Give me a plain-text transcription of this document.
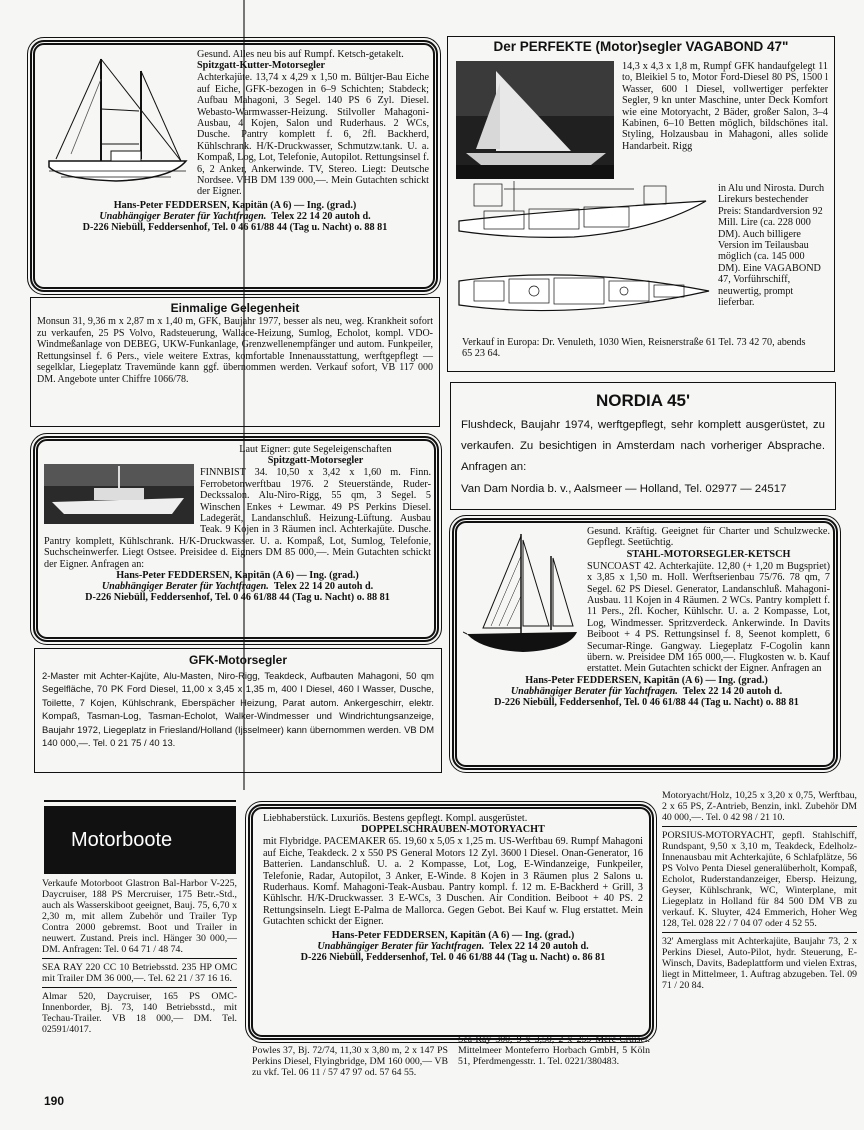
Gesund. Alles neu bis auf Rumpf. Ketsch-getakelt.
Spitzgatt-Kutter-Motorsegler
Achterkajüte. 13,74 x 4,29 x 1,50 m. Bültjer-Bau Eiche auf Eiche, GFK-bezogen in 6–9 Schichten; Stabdeck; Aufbau Mahagoni, 3 Segel. 140 PS 6 Zyl. Diesel. Webasto-Warmwasser-Heizung. Stilvoller Mahagoni-Ausbau, 4 Kojen, Salon und Ruderhaus. 2 WCs, Dusche. Pantry komplett f. 6, 2fl. Backherd, Kühlschrank. H/K-Druckwasser, Schmutzw.tank. U. a. Kompaß, Log, Lot, Telefonie, Autopilot. Rettungsinsel f. 6, 2 Anker, Ankerwinde. TV, Stereo. Liegt: Deutsche Nordsee. VHB DM 139 000,—. Mein Gutachten schickt der Eigner.
Hans-Peter FEDDERSEN, Kapitän (A 6) — Ing. (grad.)
Unabhängiger Berater für Yachtfragen. Telex 22 14 20 autoh d.
D-226 Niebüll, Feddersenhof, Tel. 0 46 61/88 44 (Tag u. Nacht) o. 88 81
Der PERFEKTE (Motor)segler VAGABOND 47"
14,3 x 4,3 x 1,8 m, Rumpf GFK handaufgelegt 11 to, Bleikiel 5 to, Motor Ford-Diesel 80 PS, 1500 l Wasser, 600 l Diesel, vollwertiger perfekter Segler, 9 kn unter Maschine, unter Deck Komfort wie eine Motoryacht, 2 Bäder, großer Salon, 3–4 Kabinen, 6–10 Betten möglich, bildschönes ital. Styling, Holzausbau in Mahagoni, alles solide Handarbeit. Rigg
in Alu und Nirosta. Durch Lirekurs bestechender Preis: Standardversion 92 Mill. Lire (ca. 228 000 DM). Auch billigere Version im Teilausbau möglich (ca. 145 000 DM). Eine VAGABOND 47, Vorführschiff, neuwertig, prompt lieferbar.
Verkauf in Europa: Dr. Venuleth, 1030 Wien, Reisnerstraße 61 Tel. 73 42 70, abends 65 23 64.
Einmalige Gelegenheit
Monsun 31, 9,36 m x 2,87 m x 1,40 m, GFK, Baujahr 1977, besser als neu, weg. Krankheit sofort zu verkaufen, 25 PS Volvo, Radsteuerung, Wallace-Heizung, Sumlog, Echolot, kompl. VDO-Windmeßanlage von DEBEG, UKW-Funkanlage, Grenzwellenempfänger und autom. Funkpeiler, Rettungsinsel f. 6 Pers., viele weitere Extras, komfortable Innenausstattung, werftgepflegt — segelklar, Liegeplatz Travemünde kann ggf. übernommen werden. Verkauf sofort, VB 117 000 DM. Angebote unter Chiffre 1066/78.
NORDIA 45'
Flushdeck, Baujahr 1974, werftgepflegt, sehr komplett ausgerüstet, zu verkaufen. Zu besichtigen in Amsterdam nach vorheriger Absprache. Anfragen an:
Van Dam Nordia b. v., Aalsmeer — Holland, Tel. 02977 — 24517
Laut Eigner: gute Segeleigenschaften
Spitzgatt-Motorsegler
FINNBIST 34. 10,50 x 3,42 x 1,60 m. Finn. Ferrobetonwerftbau 1976. 2 Steuerstände, Ruder-Deckssalon. Alu-Niro-Rigg, 55 qm, 3 Segel. 5 Winschen Enkes + Lewmar. 49 PS Perkins Diesel. Ladegerät, Landanschluß. Heizung-Lüftung. Ausbau Teak. 9 Kojen in 3 Räumen incl. Achterkajüte. Dusche. Pantry komplett, Kühlschrank. H/K-Druckwasser. U. a. Kompaß, Lot, Sumlog, Telefonie, Suchscheinwerfer. Liegt Ostsee. Preisidee d. Eigners DM 85 000,—. Mein Gutachten schickt der Eigner. Anfragen an:
Hans-Peter FEDDERSEN, Kapitän (A 6) — Ing. (grad.)
Unabhängiger Berater für Yachtfragen. Telex 22 14 20 autoh d.
D-226 Niebüll, Feddersenhof, Tel. 0 46 61/88 44 (Tag u. Nacht) o. 88 81
Gesund. Kräftig. Geeignet für Charter und Schulzwecke. Gepflegt. Seetüchtig.
STAHL-MOTORSEGLER-KETSCH
SUNCOAST 42. Achterkajüte. 12,80 (+ 1,20 m Bugspriet) x 3,85 x 1,50 m. Holl. Werftserienbau 75/76. 78 qm, 7 Segel. 62 PS Diesel. Generator, Landanschluß. Mahagoni-Ausbau. 11 Kojen in 4 Räumen. 2 WCs. Pantry komplett f. 11 Pers., 2fl. Kocher, Kühlschr. U. a. 2 Kompasse, Lot, Log, Windmesser. Spritzverdeck. Ankerwinde. In Davits Beiboot + 4 PS. Rettungsinsel f. 8, Seenot komplett, 6 Secumar-Ringe. Gangway. Liegeplatz F-Cogolin kann übern. w. Preisidee DM 165 000,—. Flugkosten w. b. Kauf erstattet. Mein Gutachten schickt der Eigner. Anfragen an
Hans-Peter FEDDERSEN, Kapitän (A 6) — Ing. (grad.)
Unabhängiger Berater für Yachtfragen. Telex 22 14 20 autoh d.
D-226 Niebüll, Feddersenhof, Tel. 0 46 61/88 44 (Tag u. Nacht) o. 88 81
GFK-Motorsegler
2-Master mit Achter-Kajüte, Alu-Masten, Niro-Rigg, Teakdeck, Aufbauten Mahagoni, 50 qm Segelfläche, 70 PK Ford Diesel, 11,00 x 3,45 x 1,35 m, 400 l Diesel, 460 l Wasser, Dusche, Toilette, 7 Kojen, Kühlschrank, Eberspächer Heizung, Parat autom. Ankergeschirr, elektr. Kompaß, Tasman-Log, Tasman-Echolot, Walker-Windmesser und Windrichtungsanzeige, Baujahr 1972, Liegeplatz in Friesland/Holland (Ijsselmeer) kann übernommen werden. VB DM 140 000,—. Tel. 0 21 75 / 40 13.
Motorboote

Verkaufe Motorboot Glastron Bal-Harbor V-225, Daycruiser, 188 PS Mercruiser, 175 Betr.-Std., auch als Wasserskiboot geeignet, Bauj. 75, 6,70 x 2,30 m, mit allem Zubehör und Trailer Typ Contra 2000 gebremst. Boot und Trailer in neuwert. Zustand. Preis incl. Hänger 30 000,— DM. Anfragen: Tel. 0 64 71 / 48 74.

SEA RAY 220 CC 10 Betriebsstd. 235 HP OMC mit Trailer DM 36 000,—. Tel. 62 21 / 37 16 16.

Almar 520, Daycruiser, 165 PS OMC-Innenborder, Bj. 73, 140 Betriebsstd., mit Techau-Trailer. VB 18 000,— DM. Tel. 02591/4017.

Liebhaberstück. Luxuriös. Bestens gepflegt. Kompl. ausgerüstet.
DOPPELSCHRAUBEN-MOTORYACHT
mit Flybridge. PACEMAKER 65. 19,60 x 5,05 x 1,25 m. US-Werftbau 69. Rumpf Mahagoni auf Eiche, Teakdeck. 2 x 550 PS General Motors 12 Zyl. 3600 l Diesel. Onan-Generator, 16 Batterien. Landanschluß. U. a. 2 Kompasse, Lot, Log, E-Windanzeige, Funkpeiler, Telefonie, Radar, Autopilot, 3 Anker, E-Winde. 8 Kojen in 3 Räumen plus 2 Salons u. Ruderhaus. Komf. Mahagoni-Teak-Ausbau. Pantry kompl. f. 12 m. E-Backherd + Grill, 3 Kühlschr. H/K-Druckwasser. 3 E-WCs, 3 Duschen. Air Condition. Beiboot + 40 PS. 2 Rettungsinseln. Liegt E-Palma de Mallorca. Gegen Gebot. Bei Kauf w. Flug erstattet. Mein Gutachten schickt der Eigner.
Hans-Peter FEDDERSEN, Kapitän (A 6) — Ing. (grad.)
Unabhängiger Berater für Yachtfragen. Telex 22 14 20 autoh d.
D-226 Niebüll, Feddersenhof, Tel. 0 46 61/88 44 (Tag u. Nacht) o. 86 81
Powles 37, Bj. 72/74, 11,30 x 3,80 m, 2 x 147 PS Perkins Diesel, Flyingbridge, DM 160 000,— VB zu vkf. Tel. 06 11 / 57 47 97 od. 57 64 55.
Sea-Ray 300, 9 x 3,50, 2 x 255 Merc-Cruiser. Mittelmeer Monteferro Horbach GmbH, 5 Köln 51, Pferdmengesstr. 1. Tel. 0221/380483.

Motoryacht/Holz, 10,25 x 3,20 x 0,75, Werftbau, 2 x 65 PS, Z-Antrieb, Benzin, inkl. Zubehör DM 40 000,—. Tel. 0 42 98 / 21 10.

PORSIUS-MOTORYACHT, gepfl. Stahlschiff, Rundspant, 9,50 x 3,10 m, Teakdeck, Edelholz-Innenausbau mit Achterkajüte, 6 Schlafplätze, 56 PS Volvo Penta Diesel generalüberholt, Kompaß, Echolot, Ruderstandanzeiger, Ebersp. Heizung, Geyser, Kühlschrank, WC, Winterplane, mit Liegeplatz in Holland für 84 500 DM VB zu verkauf. K. Sluyter, 424 Emmerich, Hoher Weg 128, Tel. 028 22 / 7 04 07 oder 4 52 55.

32' Amerglass mit Achterkajüte, Baujahr 73, 2 x Perkins Diesel, Auto-Pilot, hydr. Steuerung, E-Winsch, Davits, Badeplattform und vielen Extras, liegt in Mittelmeer, 1. Auftrag abzugeben. Tel. 09 71 / 20 84.

190
